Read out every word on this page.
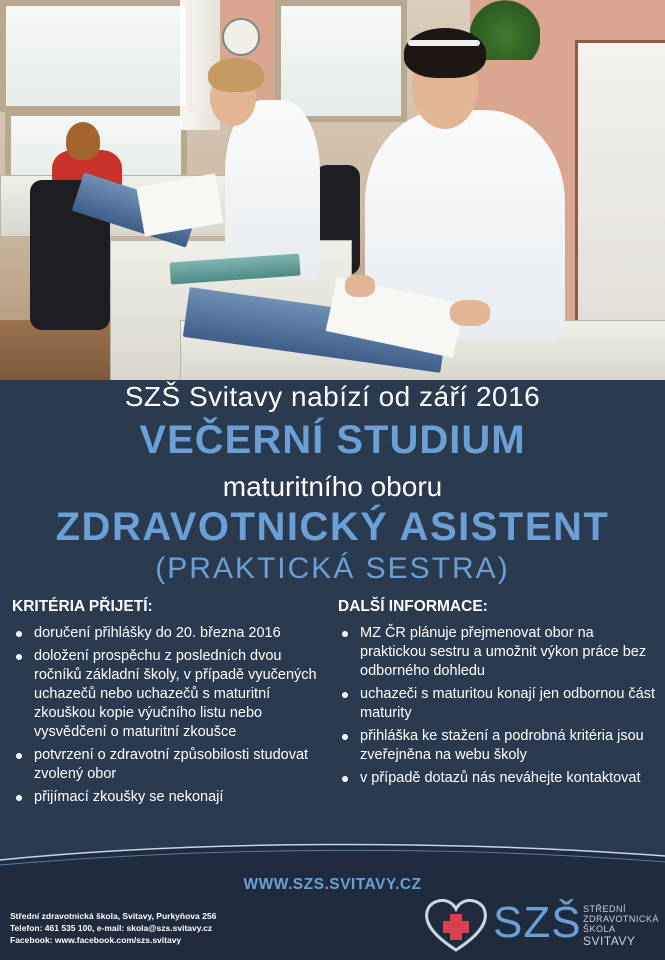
SZŠ Svitavy nabízí od září 2016

VEČERNÍ STUDIUM

maturitního oboru

ZDRAVOTNICKÝ ASISTENT

(PRAKTICKÁ SESTRA)

KRITÉRIA PŘIJETÍ:
doručení přihlášky do 20. března 2016
doložení prospěchu z posledních dvou ročníků základní školy, v případě vyučených uchazečů nebo uchazečů s maturitní zkouškou kopie výučního listu nebo vysvědčení o maturitní zkoušce
potvrzení o zdravotní způsobilosti studovat zvolený obor
přijímací zkoušky se nekonají
DALŠÍ INFORMACE:
MZ ČR plánuje přejmenovat obor na praktickou sestru a umožnit výkon práce bez odborného dohledu
uchazeči s maturitou konají jen odbornou část maturity
přihláška ke stažení a podrobná kritéria jsou zveřejněna na webu školy
v případě dotazů nás neváhejte kontaktovat

WWW.SZS.SVITAVY.CZ

Střední zdravotnická škola, Svitavy, Purkyňova 256
Telefon: 461 535 100, e-mail: skola@szs.svitavy.cz
Facebook: www.facebook.com/szs.svitavy	SZŠ STŘEDNÍ
ZDRAVOTNICKÁ
ŠKOLA
SVITAVY
